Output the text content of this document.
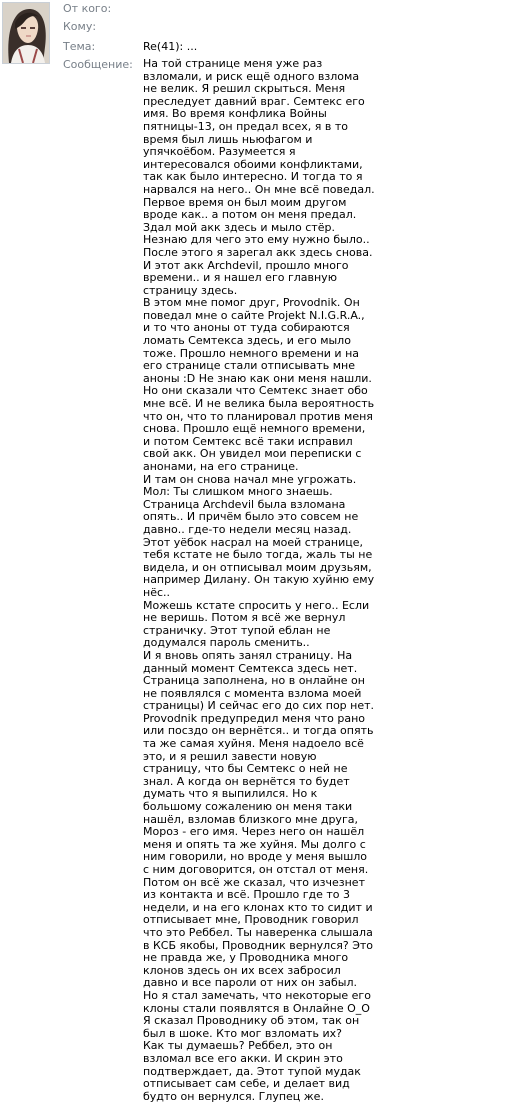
От кого:
Кому:
Тема:	Re(41): ...
Сообщение: На той странице меня уже раз взломали, и риск ещё одного взлома не велик. Я решил скрыться. Меня преследует давний враг. Семтекс его имя. Во время конфлика Войны пятницы-13, он предал всех, я в то время был лишь ньюфагом и упячкоёбом. Разумеется я интересовался обоими конфликтами, так как было интересно. И тогда то я нарвался на него.. Он мне всё поведал. Первое время он был моим другом вроде как.. а потом он меня предал. Здал мой акк здесь и мыло стёр. Незнаю для чего это ему нужно было.. После этого я зарегал акк здесь снова. И этот акк Archdevil, прошло много времени.. и я нашел его главную страницу здесь.
В этом мне помог друг, Provodnik. Он поведал мне о сайте Projekt N.I.G.R.A., и то что аноны от туда собираются ломать Семтекса здесь, и его мыло тоже. Прошло немного времени и на его странице стали отписывать мне аноны :D Не знаю как они меня нашли. Но они сказали что Семтекс знает обо мне всё. И не велика была вероятность что он, что то планировал против меня снова. Прошло ещё немного времени, и потом Семтекс всё таки исправил свой акк. Он увидел мои переписки с анонами, на его странице.
И там он снова начал мне угрожать. Мол: Ты слишком много знаешь.
Страница Archdevil была взломана опять.. И причём было это совсем не давно.. где-то недели месяц назад. Этот уёбок насрал на моей странице, тебя кстате не было тогда, жаль ты не видела, и он отписывал моим друзьям, например Дилану. Он такую хуйню ему нёс..
Можешь кстате спросить у него.. Если не веришь. Потом я всё же вернул страничку. Этот тупой еблан не додумался пароль сменить..
И я вновь опять занял страницу. На данный момент Семтекса здесь нет.
Страница заполнена, но в онлайне он не появлялся с момента взлома моей страницы) И сейчас его до сих пор нет. Provodnik предупредил меня что рано или посздо он вернётся.. и тогда опять та же самая хуйня. Меня надоело всё это, и я решил завести новую страницу, что бы Семтекс о ней не знал. А когда он вернётся то будет думать что я выпилился. Но к большому сожалению он меня таки нашёл, взломав близкого мне друга, Мороз - его имя. Через него он нашёл меня и опять та же хуйня. Мы долго с ним говорили, но вроде у меня вышло с ним договорится, он отстал от меня. Потом он всё же сказал, что изчезнет из контакта и всё. Прошло где то 3 недели, и на его клонах кто то сидит и отписывает мне, Проводник говорил что это Реббел. Ты наверенка слышала в КСБ якобы, Проводник вернулся? Это не правда же, у Проводника много клонов здесь он их всех забросил давно и все пароли от них он забыл. Но я стал замечать, что некоторые его клоны стали появлятся в Онлайне O_O
Я сказал Проводнику об этом, так он был в шоке. Кто мог взломать их?
Как ты думаешь? Реббел, это он взломал все его акки. И скрин это подтверждает, да. Этот тупой мудак отписывает сам себе, и делает вид будто он вернулся. Глупец же.
